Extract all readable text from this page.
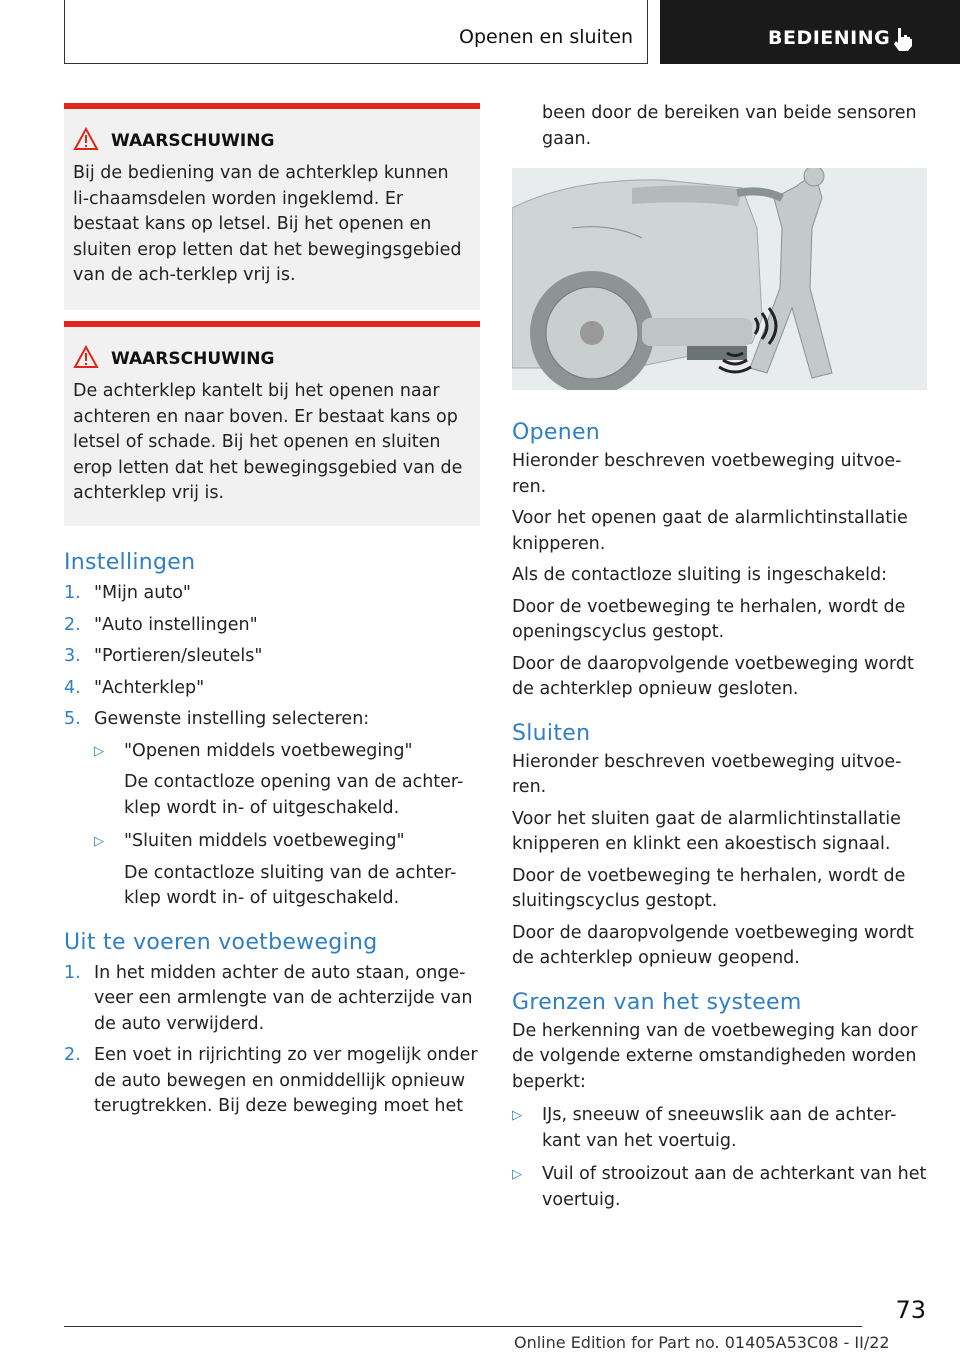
Openen en sluiten	BEDIENING
WAARSCHUWING

Bij de bediening van de achterklep kunnen li-chaamsdelen worden ingeklemd. Er bestaat kans op letsel. Bij het openen en sluiten erop letten dat het bewegingsgebied van de ach-terklep vrij is.

WAARSCHUWING

De achterklep kantelt bij het openen naar achteren en naar boven. Er bestaat kans op letsel of schade. Bij het openen en sluiten erop letten dat het bewegingsgebied van de achterklep vrij is.

Instellingen
1. "Mijn auto"
2. "Auto instellingen"
3. "Portieren/sleutels"
4. "Achterklep"
5. Gewenste instelling selecteren:
▷ "Openen middels voetbeweging"
De contactloze opening van de achter-klep wordt in- of uitgeschakeld.
▷ "Sluiten middels voetbeweging"
De contactloze sluiting van de achter-klep wordt in- of uitgeschakeld.
Uit te voeren voetbeweging
1. In het midden achter de auto staan, onge-veer een armlengte van de achterzijde van de auto verwijderd.
2. Een voet in rijrichting zo ver mogelijk onder de auto bewegen en onmiddellijk opnieuw terugtrekken. Bij deze beweging moet het

been door de bereiken van beide sensoren gaan.

Openen

Hieronder beschreven voetbeweging uitvoe-ren.

Voor het openen gaat de alarmlichtinstallatie knipperen.

Als de contactloze sluiting is ingeschakeld:

Door de voetbeweging te herhalen, wordt de openingscyclus gestopt.

Door de daaropvolgende voetbeweging wordt de achterklep opnieuw gesloten.

Sluiten

Hieronder beschreven voetbeweging uitvoe-ren.

Voor het sluiten gaat de alarmlichtinstallatie knipperen en klinkt een akoestisch signaal.

Door de voetbeweging te herhalen, wordt de sluitingscyclus gestopt.

Door de daaropvolgende voetbeweging wordt de achterklep opnieuw geopend.

Grenzen van het systeem

De herkenning van de voetbeweging kan door de volgende externe omstandigheden worden beperkt:

▷ IJs, sneeuw of sneeuwslik aan de achter-kant van het voertuig.
▷ Vuil of strooizout aan de achterkant van het voertuig.
73
Online Edition for Part no. 01405A53C08 - II/22
